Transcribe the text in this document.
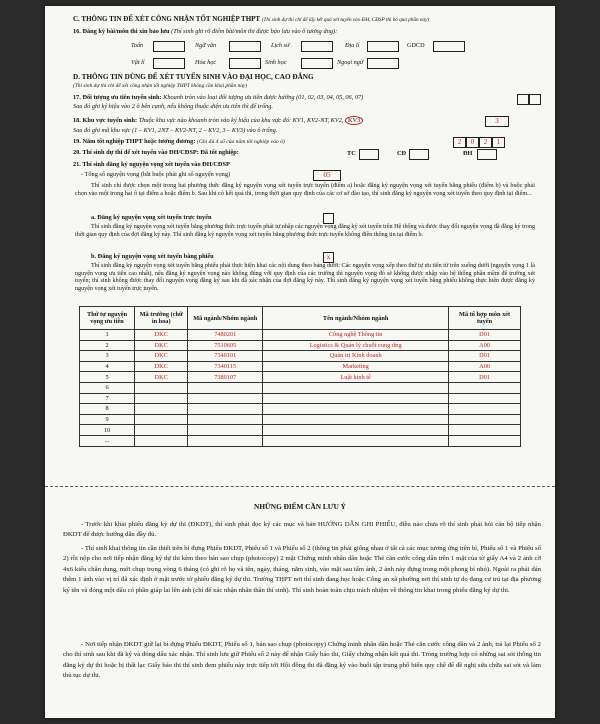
C. THÔNG TIN ĐỂ XÉT CÔNG NHẬN TỐT NGHIỆP THPT (Thí sinh dự thi chỉ để lấy kết quả xét tuyển vào ĐH, CĐSP thì bỏ qua phần này)
16. Đăng ký bài/môn thi xin bảo lưu (Thí sinh ghi rõ điểm bài/môn thi được bảo lưu vào ô tương ứng):
Toán	Ngữ văn	Lịch sử	Địa lí	GDCD
Vật lí	Hóa học	Sinh học	Ngoại ngữ
D. THÔNG TIN DÙNG ĐỂ XÉT TUYỂN SINH VÀO ĐẠI HỌC, CAO ĐẲNG
(Thí sinh dự thi chỉ để xét công nhận tốt nghiệp THPT không cần khai phần này)
17. Đối tượng ưu tiên tuyển sinh: Khoanh tròn vào loại đối tượng ưu tiên được hưởng (01, 02, 03, 04, 05, 06, 07)
Sau đó ghi ký hiệu vào 2 ô bên cạnh, nếu không thuộc diện ưu tiên thì để trống.
18. Khu vực tuyển sinh: Thuộc khu vực nào khoanh tròn vào ký hiệu của khu vực đó: KV1, KV2-NT, KV2, KV3	3
Sau đó ghi mã khu vực (1 – KV1, 2NT – KV2-NT, 2 – KV2, 3 – KV3) vào ô trống.
19. Năm tốt nghiệp THPT hoặc tương đương: (Ghi đủ 4 số của năm tốt nghiệp vào ô)	2	0	2	1
20. Thí sinh dự thi để xét tuyển vào ĐH/CĐSP: Đã tốt nghiệp:	TC	CĐ	ĐH
21. Thí sinh đăng ký nguyện vọng xét tuyển vào ĐH/CĐSP
- Tổng số nguyện vọng (bắt buộc phải ghi số nguyện vọng)	05
Thí sinh chỉ được chọn một trong hai phương thức đăng ký nguyện vọng xét tuyển trực tuyến (điểm a) hoặc đăng ký nguyện vọng xét tuyển bằng phiếu (điểm b) và buộc phải chọn vào một trong hai ô tại điểm a hoặc điểm b. Sau khi có kết quả thi, trong thời gian quy định của các cơ sở đào tạo, thí sinh đăng ký nguyện vọng xét tuyển theo quy định tại điểm...
a. Đăng ký nguyện vọng xét tuyển trực tuyến
Thí sinh đăng ký nguyện vọng xét tuyển bằng phương thức trực tuyến phải tự nhập các nguyện vọng đăng ký xét tuyển trên Hệ thống và được thay đổi nguyện vọng đã đăng ký trong thời gian quy định của đợt đăng ký này. Thí sinh đăng ký nguyện vọng xét tuyển bằng phương thức trực tuyến không điền thông tin tại điểm b.
b. Đăng ký nguyện vọng xét tuyển bằng phiếu	x
Thí sinh đăng ký nguyện vọng xét tuyển bằng phiếu phải thực hiện khai các nội dung theo bảng dưới: Các nguyện vọng xếp theo thứ tự ưu tiên từ trên xuống dưới (nguyện vọng 1 là nguyện vọng ưu tiên cao nhất), nếu đăng ký nguyện vọng nào không đúng với quy định của các trường thì nguyện vọng đó sẽ không được nhập vào hệ thống phần mềm để trường xét tuyển; thí sinh không được thay đổi nguyện vọng đăng ký sau khi đã xác nhận của đợt đăng ký này. Thí sinh đăng ký nguyện vọng xét tuyển bằng phiếu không thực hiện được đăng ký nguyện vọng xét tuyển trực tuyến.
Thứ tự nguyện vọng ưu tiên	Mã trường (chữ in hoa)	Mã ngành/Nhóm ngành	Tên ngành/Nhóm ngành	Mã tổ hợp môn xét tuyển
1	DKC	7480201	Công nghệ Thông tin	D01
2	DKC	7510605	Logistics & Quản lý chuỗi cung ứng	A00
3	DKC	7340101	Quản trị Kinh doanh	D01
4	DKC	7340115	Marketing	A00
5	DKC	7380107	Luật kinh tế	D01
6				
7				
8				
9				
10				
...				
NHỮNG ĐIỂM CẦN LƯU Ý
- Trước khi khai phiếu đăng ký dự thi (ĐKDT), thí sinh phải đọc kỹ các mục và bản HƯỚNG DẪN GHI PHIẾU, điều nào chưa rõ thí sinh phải hỏi cán bộ tiếp nhận ĐKDT để được hướng dẫn đầy đủ.
- Thí sinh khai thông tin cần thiết trên bì đựng Phiếu ĐKDT, Phiếu số 1 và Phiếu số 2 (thông tin phải giống nhau ở tất cả các mục tương ứng trên bì, Phiếu số 1 và Phiếu số 2) rồi nộp cho nơi tiếp nhận đăng ký dự thi kèm theo bản sao chụp (photocopy) 2 mặt Chứng minh nhân dân hoặc Thẻ căn cước công dân trên 1 mặt của tờ giấy A4 và 2 ảnh cỡ 4x6 kiểu chân dung, mới chụp trong vòng 6 tháng (có ghi rõ họ và tên, ngày, tháng, năm sinh, vào mặt sau tấm ảnh, 2 ảnh này đựng trong một phong bì nhỏ). Ngoài ra phải dán thêm 1 ảnh vào vị trí đã xác định ở mặt trước tờ phiếu đăng ký dự thi. Trường THPT nơi thí sinh đang học hoặc Công an xã phường nơi thí sinh tự do đang cư trú tại địa phương ký tên và đóng một dấu có phần giáp lai lên ảnh (chỉ để xác nhận nhân thân thí sinh). Thí sinh hoàn toàn chịu trách nhiệm về thông tin khai trong phiếu đăng ký dự thi.
- Nơi tiếp nhận ĐKDT giữ lại bì đựng Phiếu ĐKDT, Phiếu số 1, bản sao chụp (photocopy) Chứng minh nhân dân hoặc Thẻ căn cước công dân và 2 ảnh, trả lại Phiếu số 2 cho thí sinh sau khi đã ký và đóng dấu xác nhận. Thí sinh lưu giữ Phiếu số 2 này để nhận Giấy báo thi, Giấy chứng nhận kết quả thi. Trong trường hợp có những sai sót thông tin đăng ký dự thi hoặc bị thất lạc Giấy báo thi thí sinh đem phiếu này trực tiếp tới Hội đồng thi đã đăng ký vào buổi tập trung phổ biến quy chế để đề nghị sửa chữa sai sót và làm thủ tục dự thi.
